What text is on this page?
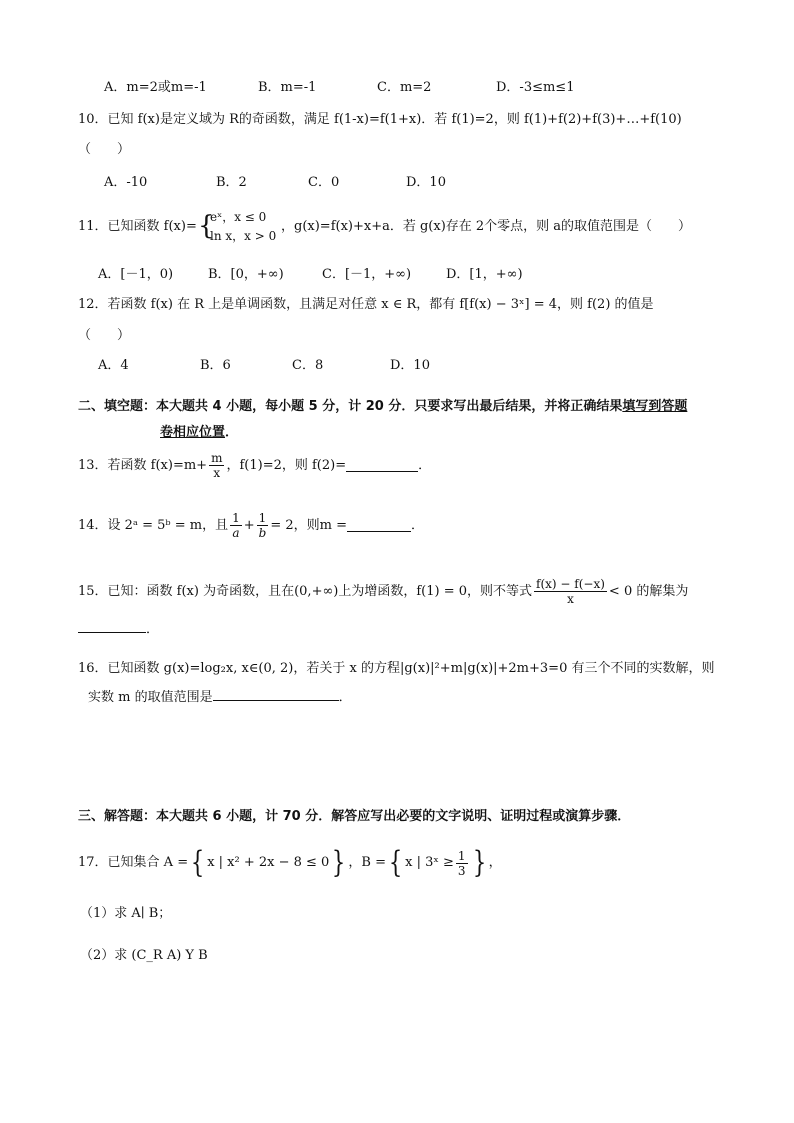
A．m=2或m=-1	B．m=-1	C．m=2	D．-3≤m≤1
10．已知 f(x)是定义域为 R的奇函数，满足 f(1-x)=f(1+x)．若 f(1)=2，则 f(1)+f(2)+f(3)+…+f(10)
（　　）
A．-10	B．2	C．0	D．10
11．已知函数 f(x)= {
eˣ，x ≤ 0
ln x，x > 0
，g(x)=f(x)+x+a．若 g(x)存在 2个零点，则 a的取值范围是（　　）
A．[－1，0)	B．[0，+∞)	C．[－1，+∞)	D．[1，+∞)
12．若函数 f(x) 在 R 上是单调函数，且满足对任意 x ∈ R，都有 f[f(x) − 3ˣ] = 4，则 f(2) 的值是
（　　）
A．4	B．6	C．8	D．10
二、填空题：本大题共 4 小题，每小题 5 分，计 20 分．只要求写出最后结果，并将正确结果填写到答题
卷相应位置．
13．若函数 $f(x)=m+ \frac{m}{x}$ ，f(1)=2，则 f(2)=	．
14．设 2ᵃ = 5ᵇ = m，且 $\frac{1}{a} + \frac{1}{b} = 2$，则m =	．
15．已知：函数 f(x) 为奇函数，且在(0,+∞)上为增函数，f(1) = 0，则不等式 $\frac{f(x) - f(-x)}{x} < 0$ 的解集为
．
16．已知函数 g(x)=log₂x, x∈(0, 2)，若关于 x 的方程|g(x)|²+m|g(x)|+2m+3=0 有三个不同的实数解，则
实数 m 的取值范围是	．
三、解答题：本大题共 6 小题，计 70 分．解答应写出必要的文字说明、证明过程或演算步骤．
17．已知集合 A = { x | x² + 2x − 8 ≤ 0 } ，B = { x | 3ˣ ≥ $\frac{1}{3}$ } ，
（1）求 A∣ B；
（2）求 (C_R A) Y B
